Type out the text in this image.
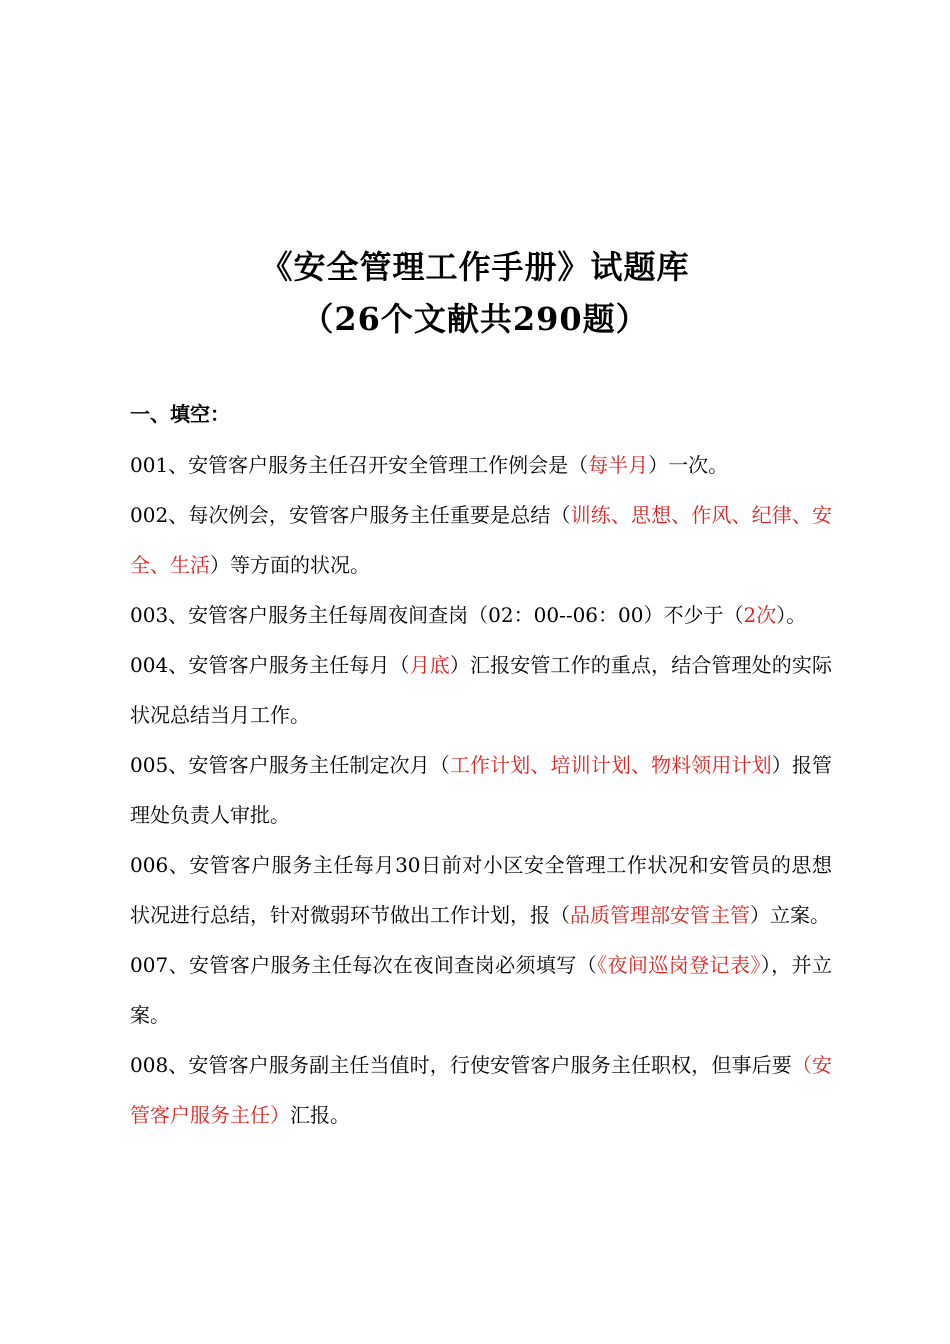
《安全管理工作手册》试题库
（26个文献共290题）
一、填空：

001、安管客户服务主任召开安全管理工作例会是（每半月）一次。

002、每次例会，安管客户服务主任重要是总结（训练、思想、作风、纪律、安全、生活）等方面的状况。

003、安管客户服务主任每周夜间查岗（02：00--06：00）不少于（2次）。

004、安管客户服务主任每月（月底）汇报安管工作的重点，结合管理处的实际状况总结当月工作。

005、安管客户服务主任制定次月（工作计划、培训计划、物料领用计划）报管理处负责人审批。

006、安管客户服务主任每月30日前对小区安全管理工作状况和安管员的思想状况进行总结，针对微弱环节做出工作计划，报（品质管理部安管主管）立案。

007、安管客户服务主任每次在夜间查岗必须填写（《夜间巡岗登记表》），并立案。

008、安管客户服务副主任当值时，行使安管客户服务主任职权，但事后要（安管客户服务主任）汇报。
